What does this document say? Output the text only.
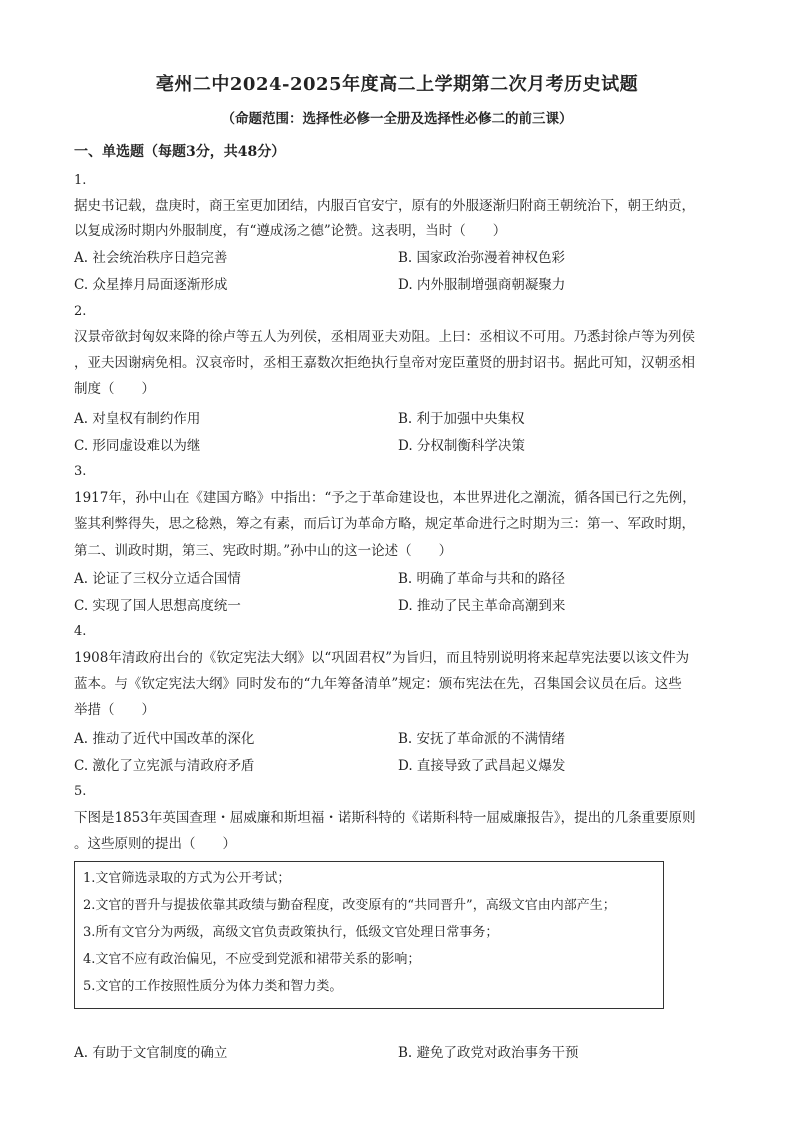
亳州二中2024-2025年度高二上学期第二次月考历史试题
（命题范围：选择性必修一全册及选择性必修二的前三课）
一、单选题（每题3分，共48分）
1.
据史书记载，盘庚时，商王室更加团结，内服百官安宁，原有的外服逐渐归附商王朝统治下，朝王纳贡，
以复成汤时期内外服制度，有“遵成汤之德”论赞。这表明，当时（　　）
A. 社会统治秩序日趋完善	B. 国家政治弥漫着神权色彩
C. 众星捧月局面逐渐形成	D. 内外服制增强商朝凝聚力
2.
汉景帝欲封匈奴来降的徐卢等五人为列侯，丞相周亚夫劝阻。上曰：丞相议不可用。乃悉封徐卢等为列侯
，亚夫因谢病免相。汉哀帝时，丞相王嘉数次拒绝执行皇帝对宠臣董贤的册封诏书。据此可知，汉朝丞相
制度（　　）
A. 对皇权有制约作用	B. 利于加强中央集权
C. 形同虚设难以为继	D. 分权制衡科学决策
3.
1917年，孙中山在《建国方略》中指出：“予之于革命建设也，本世界进化之潮流，循各国已行之先例，
鉴其利弊得失，思之稔熟，筹之有素，而后订为革命方略，规定革命进行之时期为三：第一、军政时期，
第二、训政时期，第三、宪政时期。”孙中山的这一论述（　　）
A. 论证了三权分立适合国情	B. 明确了革命与共和的路径
C. 实现了国人思想高度统一	D. 推动了民主革命高潮到来
4.
1908年清政府出台的《钦定宪法大纲》以“巩固君权”为旨归，而且特别说明将来起草宪法要以该文件为
蓝本。与《钦定宪法大纲》同时发布的“九年筹备清单”规定：颁布宪法在先，召集国会议员在后。这些
举措（　　）
A. 推动了近代中国改革的深化	B. 安抚了革命派的不满情绪
C. 激化了立宪派与清政府矛盾	D. 直接导致了武昌起义爆发
5.
下图是1853年英国查理・屈威廉和斯坦福・诺斯科特的《诺斯科特一屈威廉报告》，提出的几条重要原则
。这些原则的提出（　　）
1.文官筛选录取的方式为公开考试；
2.文官的晋升与提拔依靠其政绩与勤奋程度，改变原有的“共同晋升”，高级文官由内部产生；
3.所有文官分为两级，高级文官负责政策执行，低级文官处理日常事务；
4.文官不应有政治偏见，不应受到党派和裙带关系的影响；
5.文官的工作按照性质分为体力类和智力类。
A. 有助于文官制度的确立	B. 避免了政党对政治事务干预
